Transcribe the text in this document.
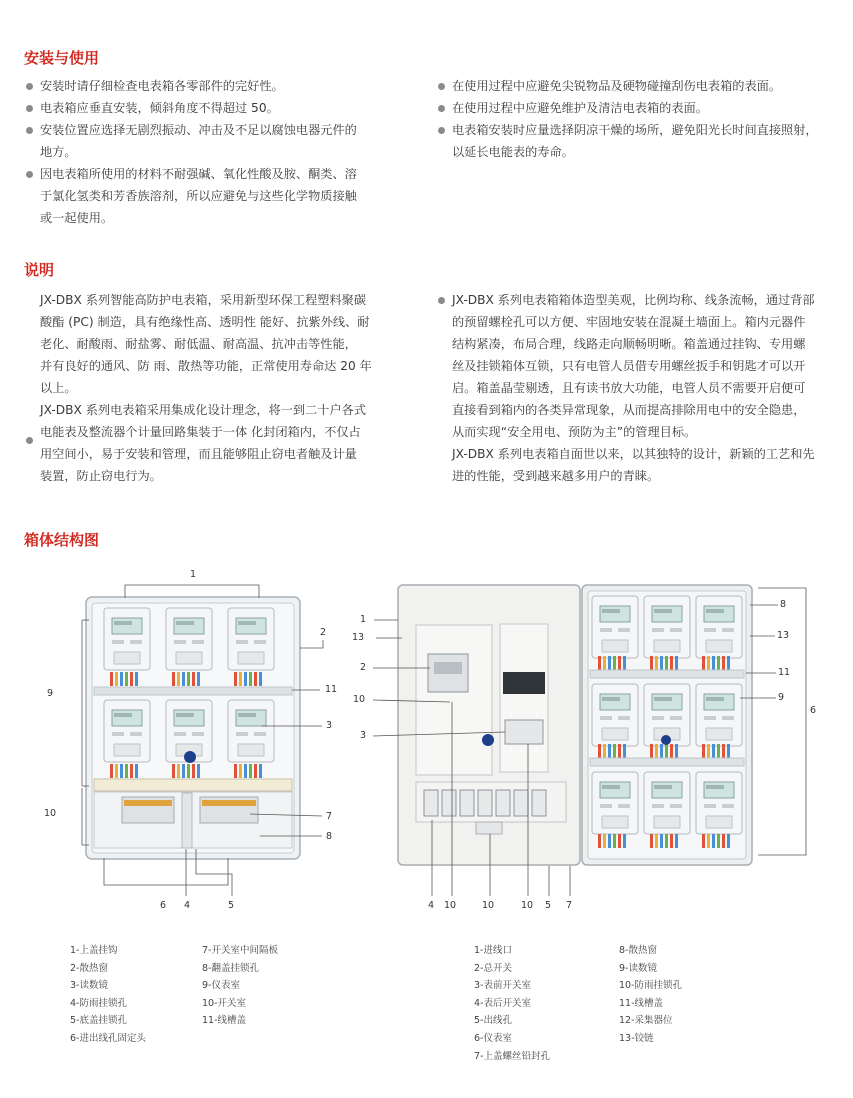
安装与使用
安装时请仔细检查电表箱各零部件的完好性。
电表箱应垂直安装，倾斜角度不得超过 50。
安装位置应选择无剧烈振动、冲击及不足以腐蚀电器元件的
地方。
因电表箱所使用的材料不耐强碱、氧化性酸及胺、酮类、溶
于氯化氢类和芳香族溶剂，所以应避免与这些化学物质接触
或一起使用。
在使用过程中应避免尖锐物品及硬物碰撞刮伤电表箱的表面。
在使用过程中应避免维护及清洁电表箱的表面。
电表箱安装时应量选择阴凉干燥的场所，避免阳光长时间直接照射，
以延长电能表的寿命。
说明
JX-DBX 系列智能高防护电表箱，采用新型环保工程塑料聚碳
酸酯 (PC) 制造，具有绝缘性高、透明性 能好、抗紫外线、耐
老化、耐酸雨、耐盐雾、耐低温、耐高温、抗冲击等性能，
并有良好的通风、防 雨、散热等功能，正常使用寿命达 20 年
以上。
JX-DBX 系列电表箱采用集成化设计理念，将一到二十户各式
电能表及整流器个计量回路集装于一体 化封闭箱内，不仅占
用空间小，易于安装和管理，而且能够阻止窃电者触及计量
装置，防止窃电行为。
JX-DBX 系列电表箱箱体造型美观，比例均称、线条流畅，通过背部
的预留螺栓孔可以方便、牢固地安装在混凝土墙面上。箱内元器件
结构紧凑，布局合理，线路走向顺畅明晰。箱盖通过挂钩、专用螺
丝及挂锁箱体互锁，只有电管人员借专用螺丝扳手和钥匙才可以开
启。箱盖晶莹剔透，且有读书放大功能，电管人员不需要开启便可
直接看到箱内的各类异常现象，从而提高排除用电中的安全隐患，
从而实现“安全用电、预防为主”的管理目标。
JX-DBX 系列电表箱自面世以来，以其独特的设计，新颖的工艺和先
进的性能，受到越来越多用户的青睐。
箱体结构图
1
9
10
2
11
3
7
8
6 4	5
1
13
2
10
3
8
13
11
9
6
4 10	10	10 5 7
1-上盖挂钩
2-散热窗
3-读数镜
4-防雨挂锁孔
5-底盖挂锁孔
6-进出线孔固定头
7-开关室中间隔板
8-翻盖挂锁孔
9-仪表室
10-开关室
11-线槽盖
1-进线口
2-总开关
3-表前开关室
4-表后开关室
5-出线孔
6-仪表室
7-上盖螺丝铅封孔
8-散热窗
9-读数镜
10-防雨挂锁孔
11-线槽盖
12-采集器位
13-铰链
